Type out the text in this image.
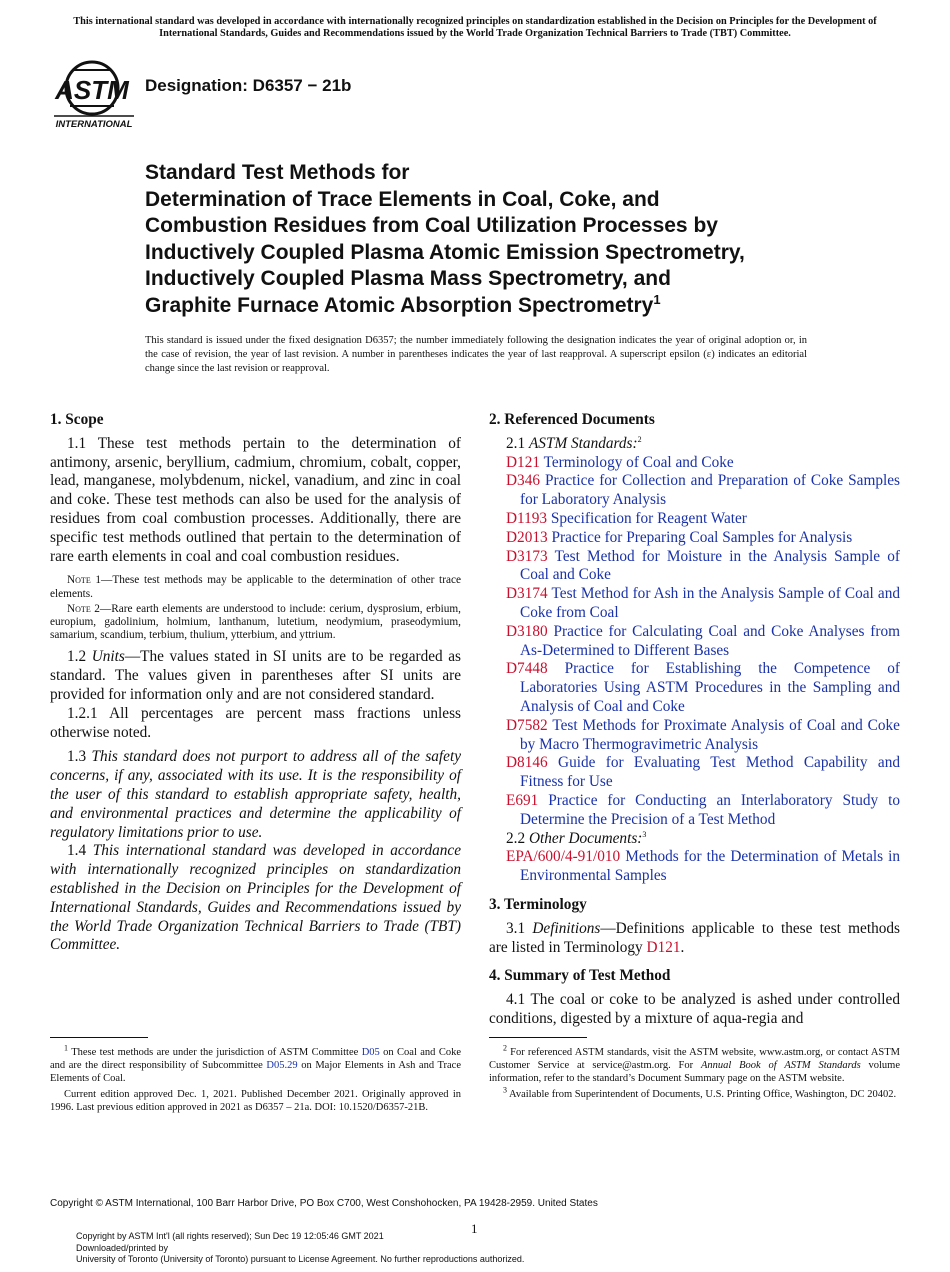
This international standard was developed in accordance with internationally recognized principles on standardization established in the Decision on Principles for the Development of International Standards, Guides and Recommendations issued by the World Trade Organization Technical Barriers to Trade (TBT) Committee.
ASTM
INTERNATIONAL
Designation: D6357 − 21b
Standard Test Methods for
Determination of Trace Elements in Coal, Coke, and
Combustion Residues from Coal Utilization Processes by
Inductively Coupled Plasma Atomic Emission Spectrometry,
Inductively Coupled Plasma Mass Spectrometry, and
Graphite Furnace Atomic Absorption Spectrometry$^1$
This standard is issued under the fixed designation D6357; the number immediately following the designation indicates the year of original adoption or, in the case of revision, the year of last revision. A number in parentheses indicates the year of last reapproval. A superscript epsilon (ε) indicates an editorial change since the last revision or reapproval.
1. Scope

1.1 These test methods pertain to the determination of antimony, arsenic, beryllium, cadmium, chromium, cobalt, copper, lead, manganese, molybdenum, nickel, vanadium, and zinc in coal and coke. These test methods can also be used for the analysis of residues from coal combustion processes. Additionally, there are specific test methods outlined that pertain to the determination of rare earth elements in coal and coal combustion residues.

Note 1—These test methods may be applicable to the determination of other trace elements.

Note 2—Rare earth elements are understood to include: cerium, dysprosium, erbium, europium, gadolinium, holmium, lanthanum, lutetium, neodymium, praseodymium, samarium, scandium, terbium, thulium, ytterbium, and yttrium.

1.2 Units—The values stated in SI units are to be regarded as standard. The values given in parentheses after SI units are provided for information only and are not considered standard.

1.2.1 All percentages are percent mass fractions unless otherwise noted.

1.3 This standard does not purport to address all of the safety concerns, if any, associated with its use. It is the responsibility of the user of this standard to establish appropriate safety, health, and environmental practices and determine the applicability of regulatory limitations prior to use.

1.4 This international standard was developed in accordance with internationally recognized principles on standardization established in the Decision on Principles for the Development of International Standards, Guides and Recommendations issued by the World Trade Organization Technical Barriers to Trade (TBT) Committee.

2. Referenced Documents

2.1 ASTM Standards:$^2$

D121 Terminology of Coal and Coke

D346 Practice for Collection and Preparation of Coke Samples for Laboratory Analysis

D1193 Specification for Reagent Water

D2013 Practice for Preparing Coal Samples for Analysis

D3173 Test Method for Moisture in the Analysis Sample of Coal and Coke

D3174 Test Method for Ash in the Analysis Sample of Coal and Coke from Coal

D3180 Practice for Calculating Coal and Coke Analyses from As-Determined to Different Bases

D7448 Practice for Establishing the Competence of Laboratories Using ASTM Procedures in the Sampling and Analysis of Coal and Coke

D7582 Test Methods for Proximate Analysis of Coal and Coke by Macro Thermogravimetric Analysis

D8146 Guide for Evaluating Test Method Capability and Fitness for Use

E691 Practice for Conducting an Interlaboratory Study to Determine the Precision of a Test Method

2.2 Other Documents:$^3$

EPA/600/4-91/010 Methods for the Determination of Metals in Environmental Samples

3. Terminology

3.1 Definitions—Definitions applicable to these test methods are listed in Terminology D121.

4. Summary of Test Method

4.1 The coal or coke to be analyzed is ashed under controlled conditions, digested by a mixture of aqua-regia and

$^1$ These test methods are under the jurisdiction of ASTM Committee D05 on Coal and Coke and are the direct responsibility of Subcommittee D05.29 on Major Elements in Ash and Trace Elements of Coal.

Current edition approved Dec. 1, 2021. Published December 2021. Originally approved in 1996. Last previous edition approved in 2021 as D6357 – 21a. DOI: 10.1520/D6357-21B.

$^2$ For referenced ASTM standards, visit the ASTM website, www.astm.org, or contact ASTM Customer Service at service@astm.org. For Annual Book of ASTM Standards volume information, refer to the standard’s Document Summary page on the ASTM website.

$^3$ Available from Superintendent of Documents, U.S. Printing Office, Washington, DC 20402.

Copyright © ASTM International, 100 Barr Harbor Drive, PO Box C700, West Conshohocken, PA 19428-2959. United States
1
Copyright by ASTM Int'l (all rights reserved); Sun Dec 19 12:05:46 GMT 2021
Downloaded/printed by
University of Toronto (University of Toronto) pursuant to License Agreement. No further reproductions authorized.
